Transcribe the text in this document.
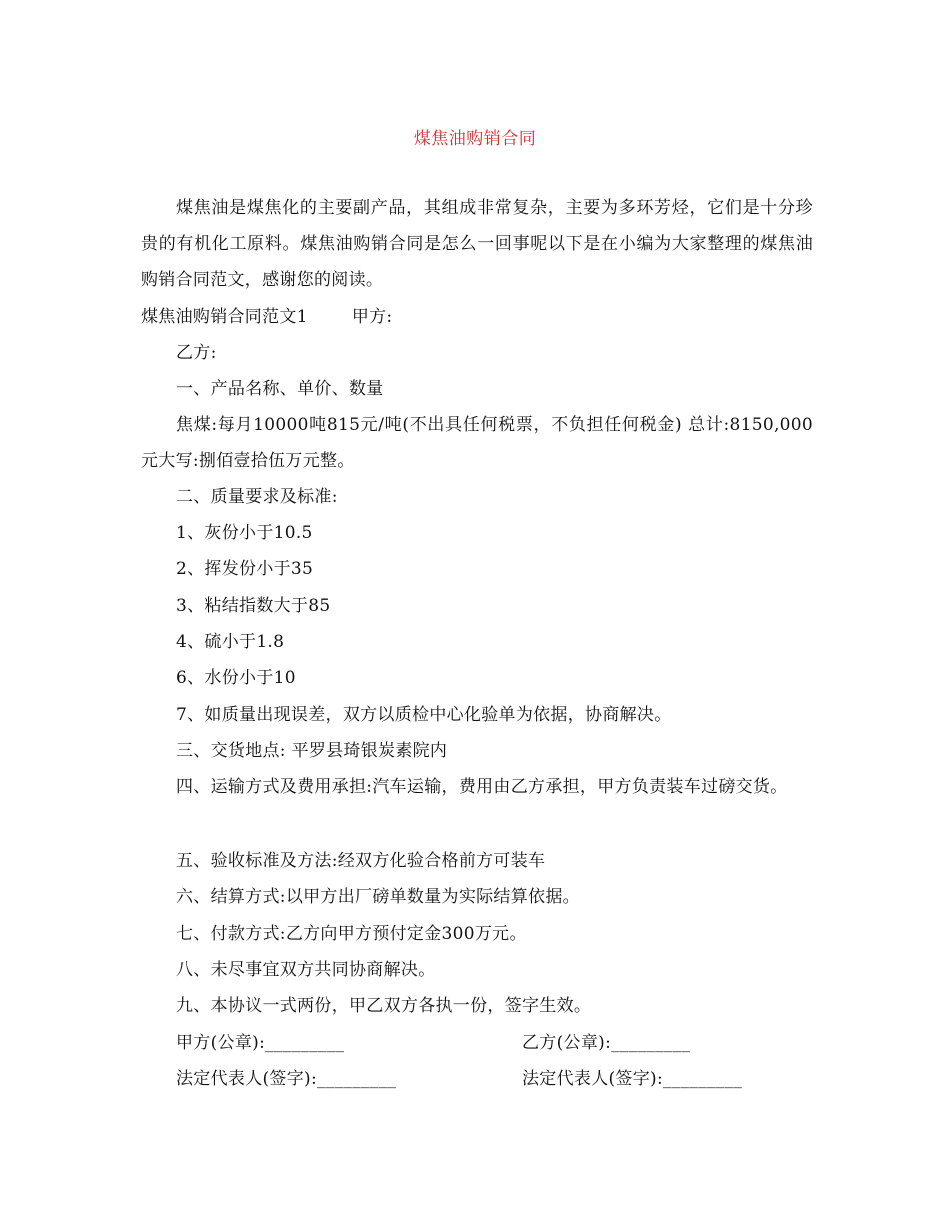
煤焦油购销合同
煤焦油是煤焦化的主要副产品，其组成非常复杂，主要为多环芳烃，它们是十分珍贵的有机化工原料。煤焦油购销合同是怎么一回事呢以下是在小编为大家整理的煤焦油购销合同范文，感谢您的阅读。
煤焦油购销合同范文1	甲方:
乙方:
一、产品名称、单价、数量
焦煤:每月10000吨815元/吨(不出具任何税票，不负担任何税金) 总计:8150,000元大写:捌佰壹拾伍万元整。
二、质量要求及标准:
1、灰份小于10.5
2、挥发份小于35
3、粘结指数大于85
4、硫小于1.8
6、水份小于10
7、如质量出现误差，双方以质检中心化验单为依据，协商解决。
三、交货地点: 平罗县琦银炭素院内
四、运输方式及费用承担:汽车运输，费用由乙方承担，甲方负责装车过磅交货。
五、验收标准及方法:经双方化验合格前方可装车
六、结算方式:以甲方出厂磅单数量为实际结算依据。
七、付款方式:乙方向甲方预付定金300万元。
八、未尽事宜双方共同协商解决。
九、本协议一式两份，甲乙双方各执一份，签字生效。
甲方(公章):_________	乙方(公章):_________
法定代表人(签字):_________	法定代表人(签字):_________
